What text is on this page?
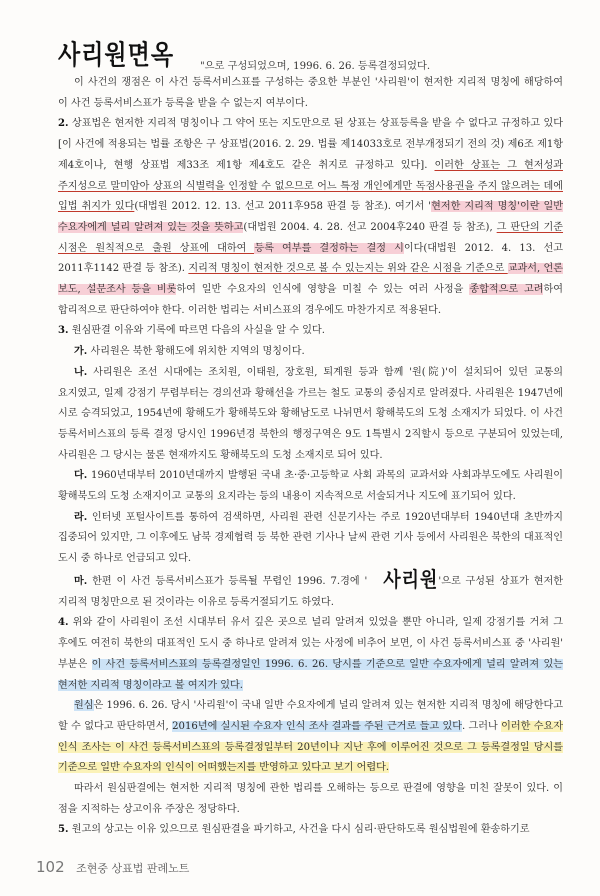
사리원면옥	"으로 구성되었으며, 1996. 6. 26. 등록결정되었다.

이 사건의 쟁점은 이 사건 등록서비스표를 구성하는 중요한 부분인 '사리원'이 현저한 지리적 명칭에 해당하여 이 사건 등록서비스표가 등록을 받을 수 없는지 여부이다.

2. 상표법은 현저한 지리적 명칭이나 그 약어 또는 지도만으로 된 상표는 상표등록을 받을 수 없다고 규정하고 있다[이 사건에 적용되는 법률 조항은 구 상표법(2016. 2. 29. 법률 제14033호로 전부개정되기 전의 것) 제6조 제1항 제4호이나, 현행 상표법 제33조 제1항 제4호도 같은 취지로 규정하고 있다]. 이러한 상표는 그 현저성과 주지성으로 말미암아 상표의 식별력을 인정할 수 없으므로 어느 특정 개인에게만 독점사용권을 주지 않으려는 데에 입법 취지가 있다(대법원 2012. 12. 13. 선고 2011후958 판결 등 참조). 여기서 '현저한 지리적 명칭'이란 일반 수요자에게 널리 알려져 있는 것을 뜻하고(대법원 2004. 4. 28. 선고 2004후240 판결 등 참조), 그 판단의 기준 시점은 원칙적으로 출원 상표에 대하여 등록 여부를 결정하는 결정 시이다(대법원 2012. 4. 13. 선고 2011후1142 판결 등 참조). 지리적 명칭이 현저한 것으로 볼 수 있는지는 위와 같은 시점을 기준으로 교과서, 언론 보도, 설문조사 등을 비롯하여 일반 수요자의 인식에 영향을 미칠 수 있는 여러 사정을 종합적으로 고려하여 합리적으로 판단하여야 한다. 이러한 법리는 서비스표의 경우에도 마찬가지로 적용된다.

3. 원심판결 이유와 기록에 따르면 다음의 사실을 알 수 있다.

가. 사리원은 북한 황해도에 위치한 지역의 명칭이다.

나. 사리원은 조선 시대에는 조치원, 이태원, 장호원, 퇴계원 등과 함께 '원(院)'이 설치되어 있던 교통의 요지였고, 일제 강점기 무렵부터는 경의선과 황해선을 가르는 철도 교통의 중심지로 알려졌다. 사리원은 1947년에 시로 승격되었고, 1954년에 황해도가 황해북도와 황해남도로 나뉘면서 황해북도의 도청 소재지가 되었다. 이 사건 등록서비스표의 등록 결정 당시인 1996년경 북한의 행정구역은 9도 1특별시 2직할시 등으로 구분되어 있었는데, 사리원은 그 당시는 물론 현재까지도 황해북도의 도청 소재지로 되어 있다.

다. 1960년대부터 2010년대까지 발행된 국내 초·중·고등학교 사회 과목의 교과서와 사회과부도에도 사리원이 황해북도의 도청 소재지이고 교통의 요지라는 등의 내용이 지속적으로 서술되거나 지도에 표기되어 있다.

라. 인터넷 포털사이트를 통하여 검색하면, 사리원 관련 신문기사는 주로 1920년대부터 1940년대 초반까지 집중되어 있지만, 그 이후에도 남북 경제협력 등 북한 관련 기사나 날씨 관련 기사 등에서 사리원은 북한의 대표적인 도시 중 하나로 언급되고 있다.

마. 한편 이 사건 등록서비스표가 등록될 무렵인 1996. 7.경에 ' 사리원'으로 구성된 상표가 현저한 지리적 명칭만으로 된 것이라는 이유로 등록거절되기도 하였다.

4. 위와 같이 사리원이 조선 시대부터 유서 깊은 곳으로 널리 알려져 있었을 뿐만 아니라, 일제 강점기를 거쳐 그 후에도 여전히 북한의 대표적인 도시 중 하나로 알려져 있는 사정에 비추어 보면, 이 사건 등록서비스표 중 '사리원' 부분은 이 사건 등록서비스표의 등록결정일인 1996. 6. 26. 당시를 기준으로 일반 수요자에게 널리 알려져 있는 현저한 지리적 명칭이라고 볼 여지가 있다.

원심은 1996. 6. 26. 당시 '사리원'이 국내 일반 수요자에게 널리 알려져 있는 현저한 지리적 명칭에 해당한다고 할 수 없다고 판단하면서, 2016년에 실시된 수요자 인식 조사 결과를 주된 근거로 들고 있다. 그러나 이러한 수요자 인식 조사는 이 사건 등록서비스표의 등록결정일부터 20년이나 지난 후에 이루어진 것으로 그 등록결정일 당시를 기준으로 일반 수요자의 인식이 어떠했는지를 반영하고 있다고 보기 어렵다.

따라서 원심판결에는 현저한 지리적 명칭에 관한 법리를 오해하는 등으로 판결에 영향을 미친 잘못이 있다. 이 점을 지적하는 상고이유 주장은 정당하다.

5. 원고의 상고는 이유 있으므로 원심판결을 파기하고, 사건을 다시 심리·판단하도록 원심법원에 환송하기로

102 조현중 상표법 판례노트
